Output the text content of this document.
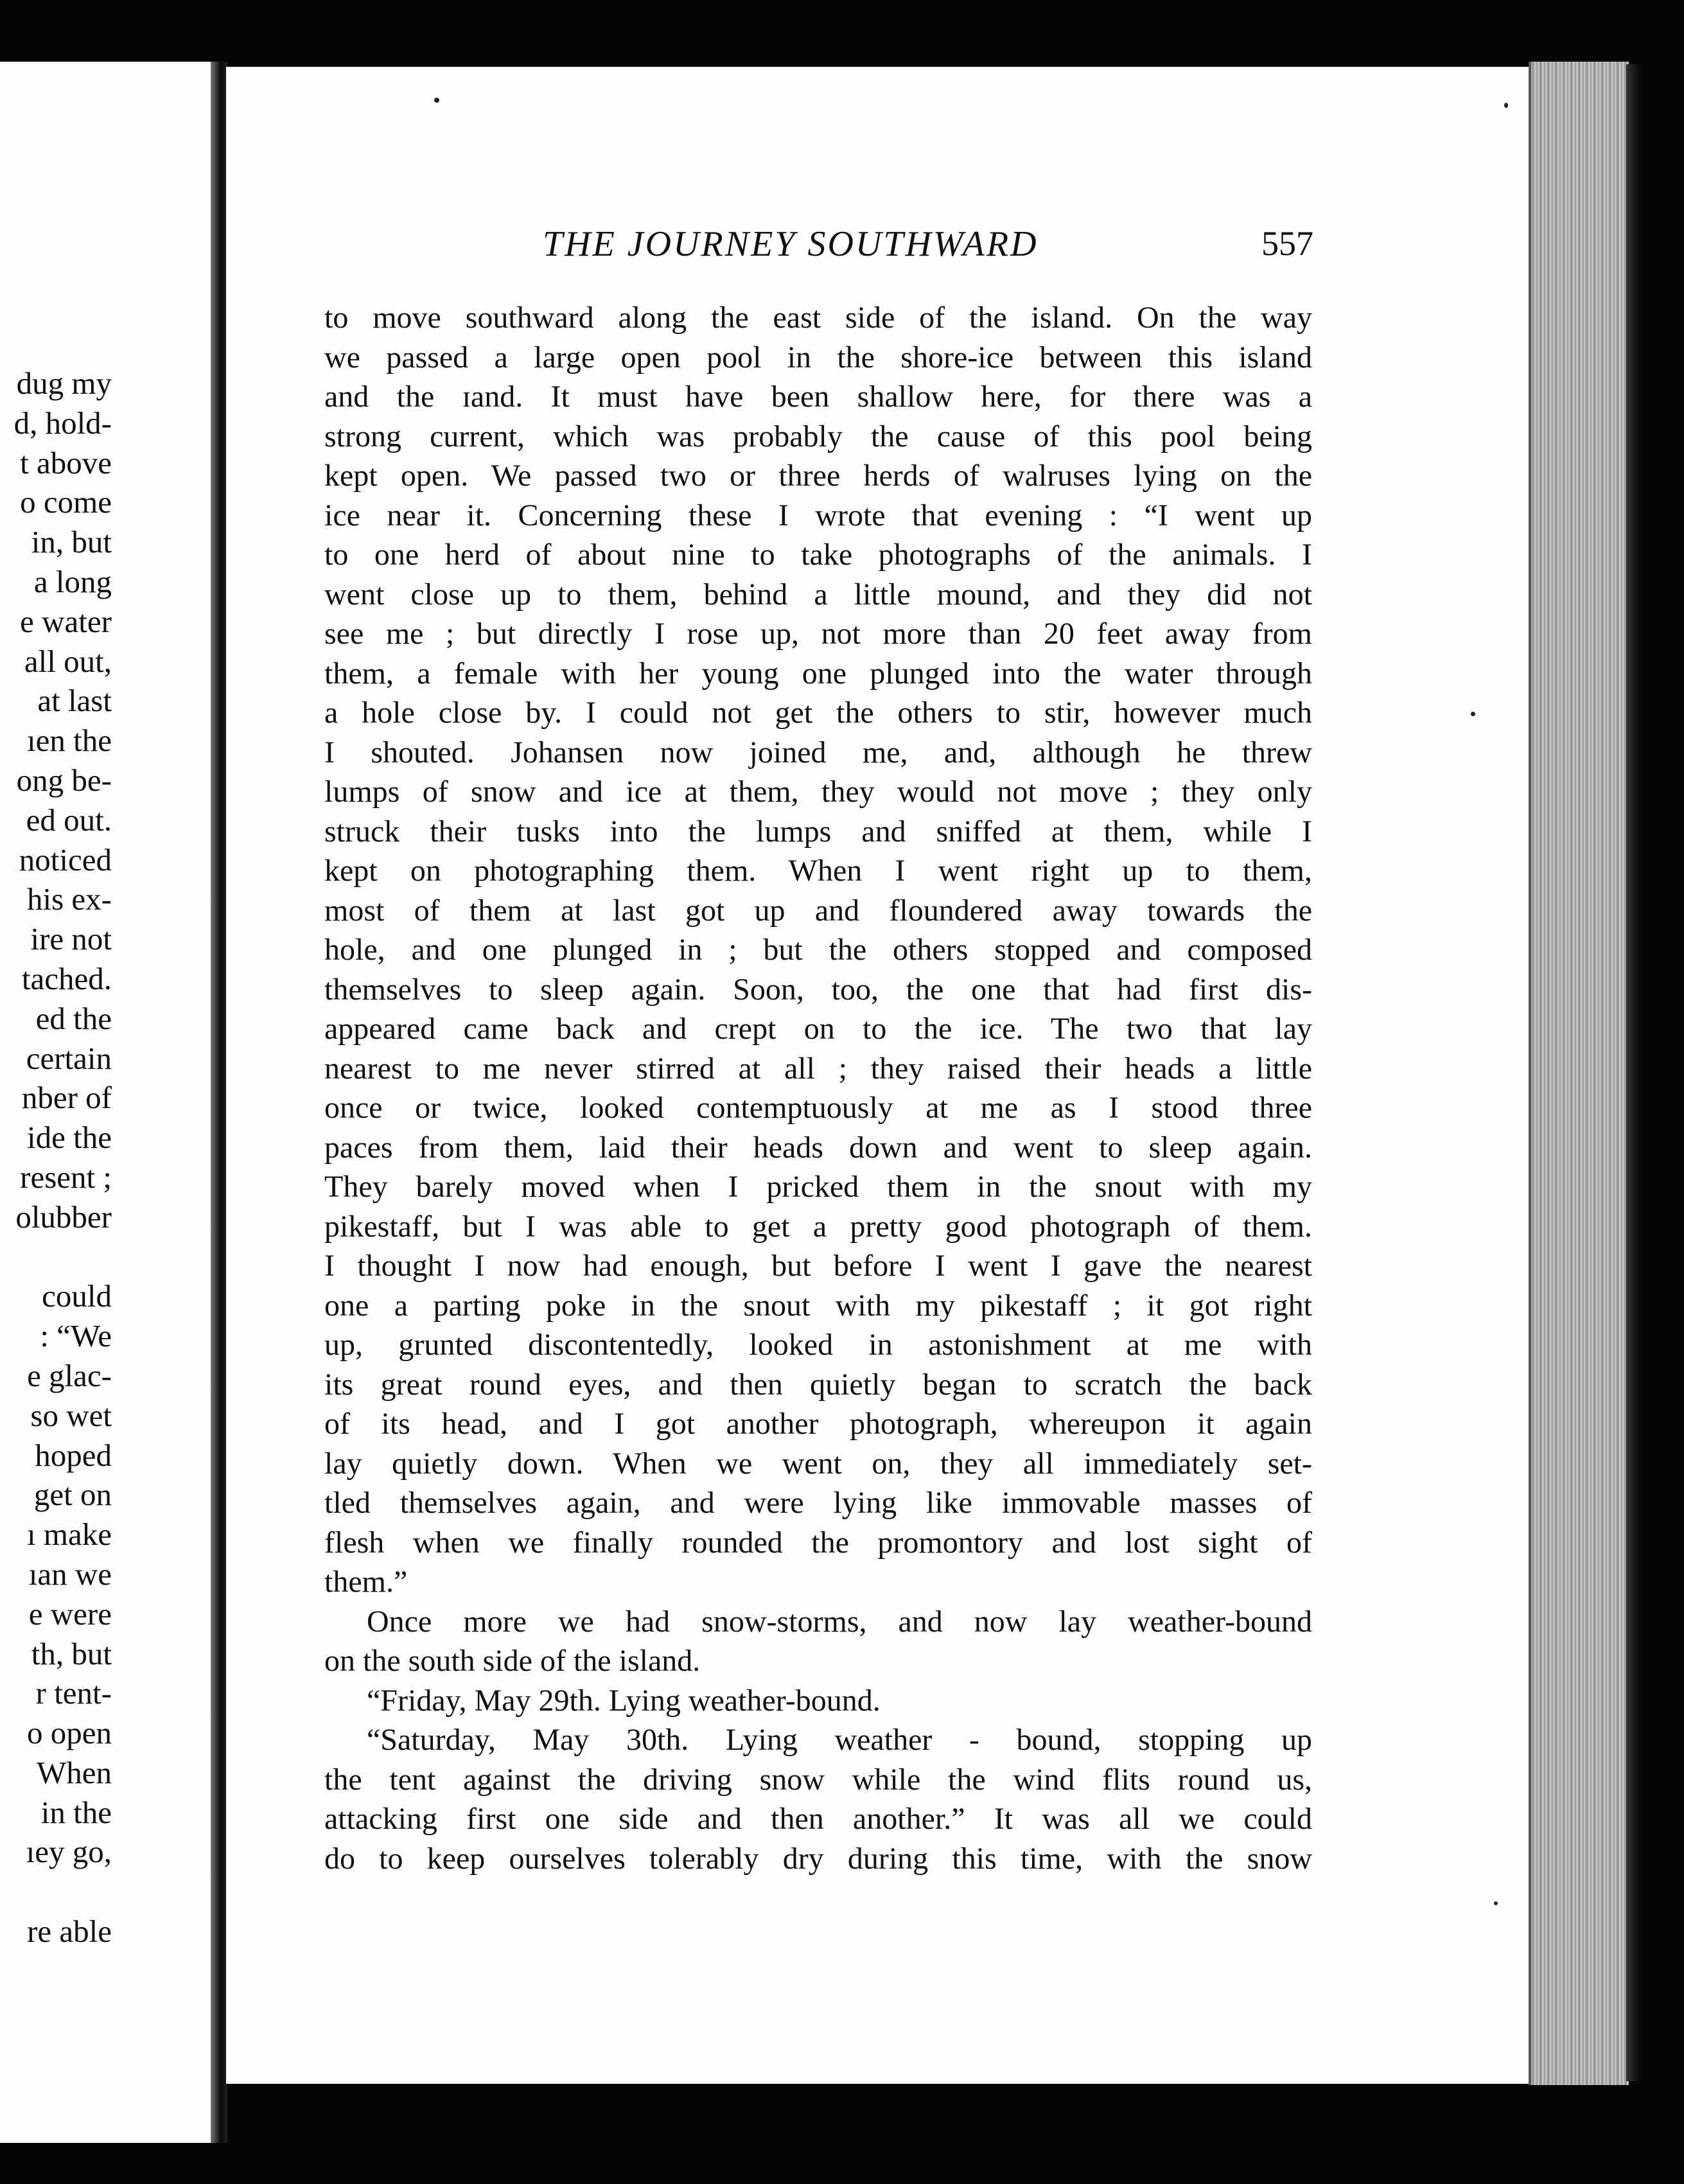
dug my
d, hold-
t above
o come
in, but
a long
e water
all out,
at last
ıen the
ong be-
ed out.
noticed
his ex-
ire not
tached.
ed the
certain
nber of
ide the
resent ;
olubber
could
: “We
e glac-
so wet
hoped
get on
ı make
ıan we
e were
th, but
r tent-
o open
When
in the
ıey go,
re able
THE JOURNEY SOUTHWARD	557
to move southward along the east side of the island. On the way
we passed a large open pool in the shore-ice between this island
and the ɪand. It must have been shallow here, for there was a
strong current, which was probably the cause of this pool being
kept open. We passed two or three herds of walruses lying on the
ice near it. Concerning these I wrote that evening : “I went up
to one herd of about nine to take photographs of the animals. I
went close up to them, behind a little mound, and they did not
see me ; but directly I rose up, not more than 20 feet away from
them, a female with her young one plunged into the water through
a hole close by. I could not get the others to stir, however much
I shouted. Johansen now joined me, and, although he threw
lumps of snow and ice at them, they would not move ; they only
struck their tusks into the lumps and sniffed at them, while I
kept on photographing them. When I went right up to them,
most of them at last got up and floundered away towards the
hole, and one plunged in ; but the others stopped and composed
themselves to sleep again. Soon, too, the one that had first dis-
appeared came back and crept on to the ice. The two that lay
nearest to me never stirred at all ; they raised their heads a little
once or twice, looked contemptuously at me as I stood three
paces from them, laid their heads down and went to sleep again.
They barely moved when I pricked them in the snout with my
pikestaff, but I was able to get a pretty good photograph of them.
I thought I now had enough, but before I went I gave the nearest
one a parting poke in the snout with my pikestaff ; it got right
up, grunted discontentedly, looked in astonishment at me with
its great round eyes, and then quietly began to scratch the back
of its head, and I got another photograph, whereupon it again
lay quietly down. When we went on, they all immediately set-
tled themselves again, and were lying like immovable masses of
flesh when we finally rounded the promontory and lost sight of
them.”
Once more we had snow-storms, and now lay weather-bound
on the south side of the island.
“Friday, May 29th. Lying weather-bound.
“Saturday, May 30th. Lying weather - bound, stopping up
the tent against the driving snow while the wind flits round us,
attacking first one side and then another.” It was all we could
do to keep ourselves tolerably dry during this time, with the snow
